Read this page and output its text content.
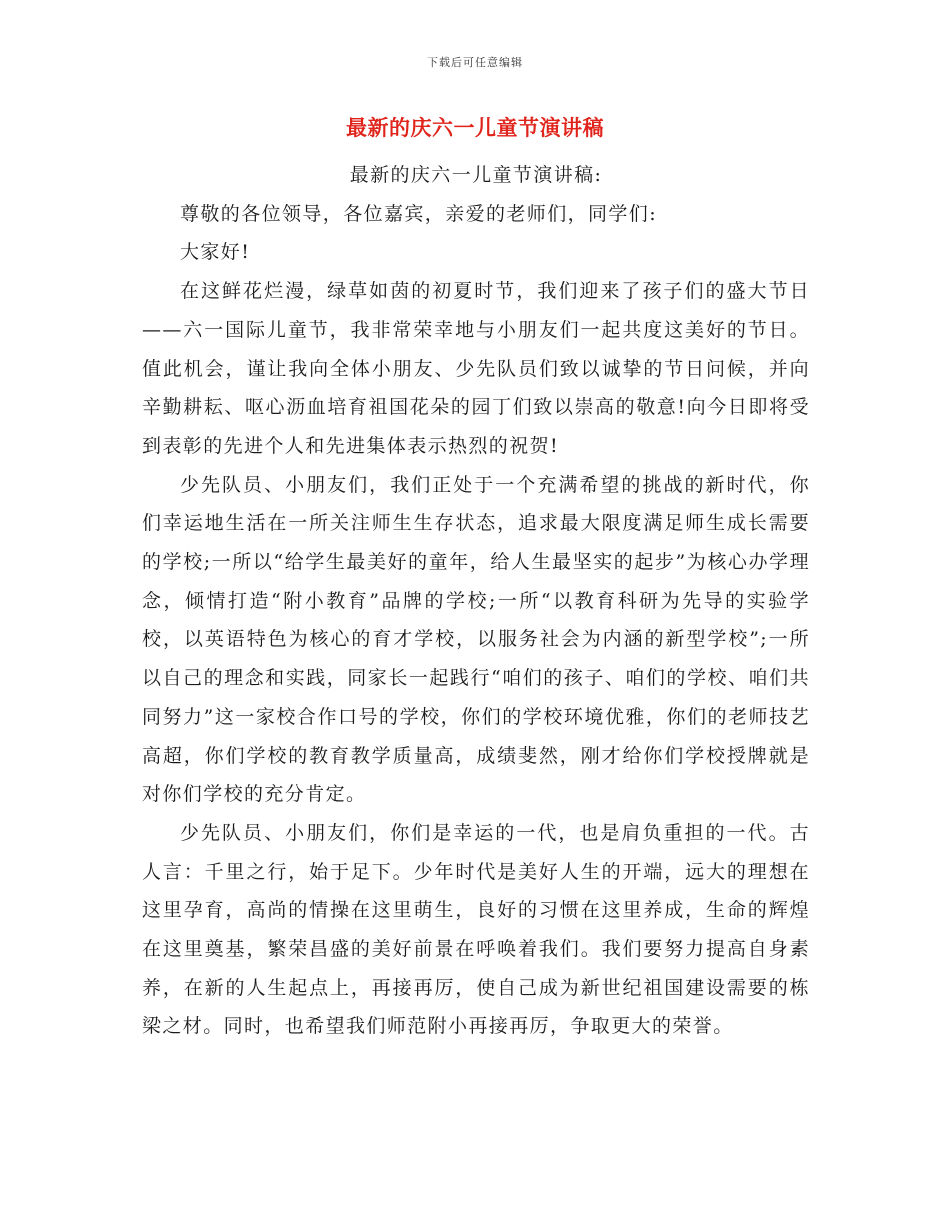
下载后可任意编辑
最新的庆六一儿童节演讲稿

最新的庆六一儿童节演讲稿:

尊敬的各位领导，各位嘉宾，亲爱的老师们，同学们:

大家好!

在这鲜花烂漫，绿草如茵的初夏时节，我们迎来了孩子们的盛大节日——六一国际儿童节，我非常荣幸地与小朋友们一起共度这美好的节日。值此机会，谨让我向全体小朋友、少先队员们致以诚挚的节日问候，并向辛勤耕耘、呕心沥血培育祖国花朵的园丁们致以崇高的敬意!向今日即将受到表彰的先进个人和先进集体表示热烈的祝贺!

少先队员、小朋友们，我们正处于一个充满希望的挑战的新时代，你们幸运地生活在一所关注师生生存状态，追求最大限度满足师生成长需要的学校;一所以“给学生最美好的童年，给人生最坚实的起步”为核心办学理念，倾情打造“附小教育”品牌的学校;一所“以教育科研为先导的实验学校，以英语特色为核心的育才学校，以服务社会为内涵的新型学校”;一所以自己的理念和实践，同家长一起践行“咱们的孩子、咱们的学校、咱们共同努力”这一家校合作口号的学校，你们的学校环境优雅，你们的老师技艺高超，你们学校的教育教学质量高，成绩斐然，刚才给你们学校授牌就是对你们学校的充分肯定。

少先队员、小朋友们，你们是幸运的一代，也是肩负重担的一代。古人言：千里之行，始于足下。少年时代是美好人生的开端，远大的理想在这里孕育，高尚的情操在这里萌生，良好的习惯在这里养成，生命的辉煌在这里奠基，繁荣昌盛的美好前景在呼唤着我们。我们要努力提高自身素养，在新的人生起点上，再接再厉，使自己成为新世纪祖国建设需要的栋梁之材。同时，也希望我们师范附小再接再厉，争取更大的荣誉。
